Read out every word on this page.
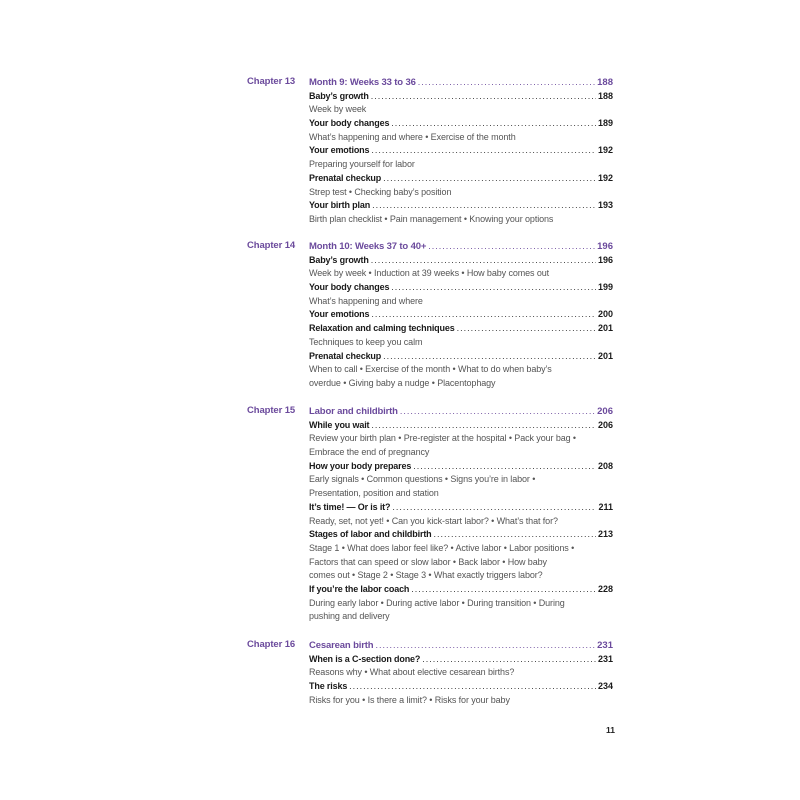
Chapter 13 Month 9: Weeks 33 to 36 .....	188
Baby’s growth .....	188
Week by week
Your body changes .....	189
What’s happening and where • Exercise of the month
Your emotions .....	192
Preparing yourself for labor
Prenatal checkup .....	192
Strep test • Checking baby’s position
Your birth plan .....	193
Birth plan checklist • Pain management • Knowing your options
Chapter 14 Month 10: Weeks 37 to 40+ .....	196
Baby’s growth .....	196
Week by week • Induction at 39 weeks • How baby comes out
Your body changes .....	199
What’s happening and where
Your emotions .....	200
Relaxation and calming techniques .....	201
Techniques to keep you calm
Prenatal checkup .....	201
When to call • Exercise of the month • What to do when baby’s
overdue • Giving baby a nudge • Placentophagy
Chapter 15 Labor and childbirth .....	206
While you wait .....	206
Review your birth plan • Pre-register at the hospital • Pack your bag •
Embrace the end of pregnancy
How your body prepares .....	208
Early signals • Common questions • Signs you’re in labor •
Presentation, position and station
It’s time! — Or is it? .....	211
Ready, set, not yet! • Can you kick-start labor? • What’s that for?
Stages of labor and childbirth .....	213
Stage 1 • What does labor feel like? • Active labor • Labor positions •
Factors that can speed or slow labor • Back labor • How baby
comes out • Stage 2 • Stage 3 • What exactly triggers labor?
If you’re the labor coach .....	228
During early labor • During active labor • During transition • During
pushing and delivery
Chapter 16 Cesarean birth .....	231
When is a C-section done? .....	231
Reasons why • What about elective cesarean births?
The risks .....	234
Risks for you • Is there a limit? • Risks for your baby
11
